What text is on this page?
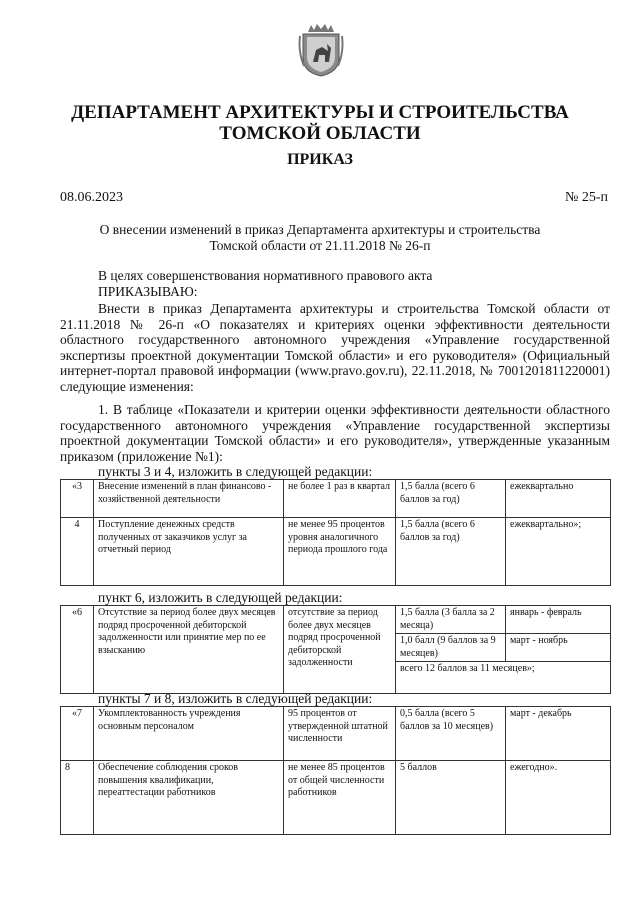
ДЕПАРТАМЕНТ АРХИТЕКТУРЫ И СТРОИТЕЛЬСТВА
ТОМСКОЙ ОБЛАСТИ
ПРИКАЗ
08.06.2023	№ 25-п
О внесении изменений в приказ Департамента архитектуры и строительства
Томской области от 21.11.2018 № 26-п
В целях совершенствования нормативного правового акта
ПРИКАЗЫВАЮ:
Внести в приказ Департамента архитектуры и строительства Томской области от 21.11.2018 № 26-п «О показателях и критериях оценки эффективности деятельности областного государственного автономного учреждения «Управление государственной экспертизы проектной документации Томской области» и его руководителя» (Официальный интернет-портал правовой информации (www.pravo.gov.ru), 22.11.2018, № 7001201811220001) следующие изменения:
1. В таблице «Показатели и критерии оценки эффективности деятельности областного государственного автономного учреждения «Управление государственной экспертизы проектной документации Томской области» и его руководителя», утвержденные указанным приказом (приложение №1):
пункты 3 и 4, изложить в следующей редакции:
«3	Внесение изменений в план финансово - хозяйственной деятельности	не более 1 раз в квартал	1,5 балла (всего 6 баллов за год)	ежеквартально
4	Поступление денежных средств полученных от заказчиков услуг за отчетный период	не менее 95 процентов уровня аналогичного периода прошлого года	1,5 балла (всего 6 баллов за год)	ежеквартально»;
пункт 6, изложить в следующей редакции:
«6	Отсутствие за период более двух месяцев подряд просроченной дебиторской задолженности или принятие мер по ее взысканию	отсутствие за период более двух месяцев подряд просроченной дебиторской задолженности	1,5 балла (3 балла за 2 месяца)	январь - февраль
			1,0 балл (9 баллов за 9 месяцев)	март - ноябрь
			всего 12 баллов за 11 месяцев»;	
пункты 7 и 8, изложить в следующей редакции:
«7	Укомплектованность учреждения основным персоналом	95 процентов от утвержденной штатной численности	0,5 балла (всего 5 баллов за 10 месяцев)	март - декабрь
8	Обеспечение соблюдения сроков повышения квалификации, переаттестации работников	не менее 85 процентов от общей численности работников	5 баллов	ежегодно».
